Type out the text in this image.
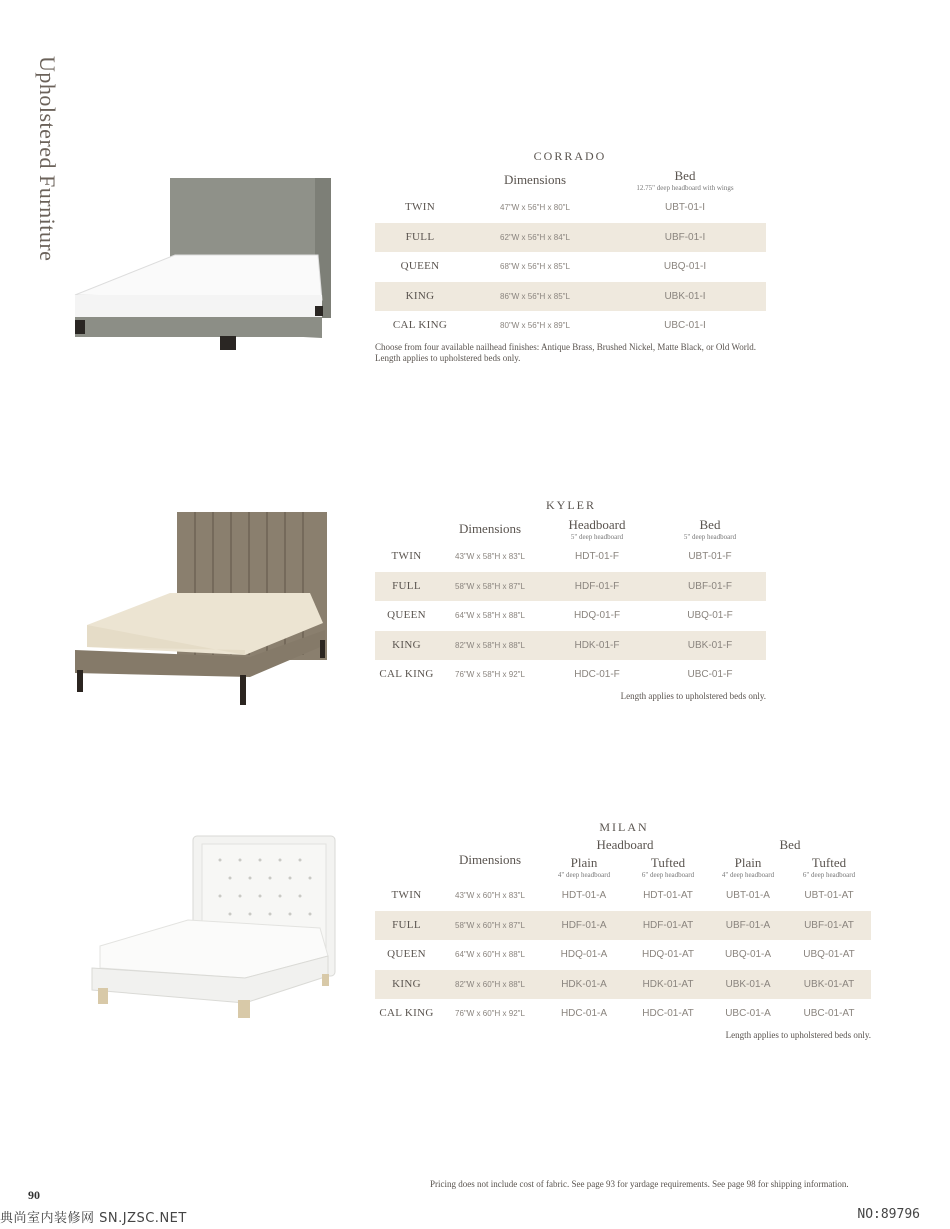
Upholstered Furniture	CORRADO
Dimensions	Bed
12.75" deep headboard with wings
TWIN	47"W x 56"H x 80"L	UBT-01-I
FULL	62"W x 56"H x 84"L	UBF-01-I
QUEEN	68"W x 56"H x 85"L	UBQ-01-I
KING	86"W x 56"H x 85"L	UBK-01-I
CAL KING	80"W x 56"H x 89"L	UBC-01-I
Choose from four available nailhead finishes: Antique Brass, Brushed Nickel, Matte Black, or Old World.
Length applies to upholstered beds only.
KYLER
Dimensions	Headboard
5" deep headboard
Bed
5" deep headboard
TWIN	43"W x 58"H x 83"L	HDT-01-F	UBT-01-F
FULL	58"W x 58"H x 87"L	HDF-01-F	UBF-01-F
QUEEN	64"W x 58"H x 88"L	HDQ-01-F	UBQ-01-F
KING	82"W x 58"H x 88"L	HDK-01-F	UBK-01-F
CAL KING	76"W x 58"H x 92"L	HDC-01-F	UBC-01-F
Length applies to upholstered beds only.
MILAN
Headboard	Bed
Dimensions	Plain
4" deep headboard
Tufted
6" deep headboard
Plain
4" deep headboard
Tufted
6" deep headboard
TWIN	43"W x 60"H x 83"L	HDT-01-A	HDT-01-AT	UBT-01-A	UBT-01-AT
FULL	58"W x 60"H x 87"L	HDF-01-A	HDF-01-AT	UBF-01-A	UBF-01-AT
QUEEN	64"W x 60"H x 88"L	HDQ-01-A	HDQ-01-AT	UBQ-01-A	UBQ-01-AT
KING	82"W x 60"H x 88"L	HDK-01-A	HDK-01-AT	UBK-01-A	UBK-01-AT
CAL KING	76"W x 60"H x 92"L	HDC-01-A	HDC-01-AT	UBC-01-A	UBC-01-AT
Length applies to upholstered beds only.
Pricing does not include cost of fabric. See page 93 for yardage requirements. See page 98 for shipping information.
90
典尚室内装修网 SN.JZSC.NET	NO:89796
